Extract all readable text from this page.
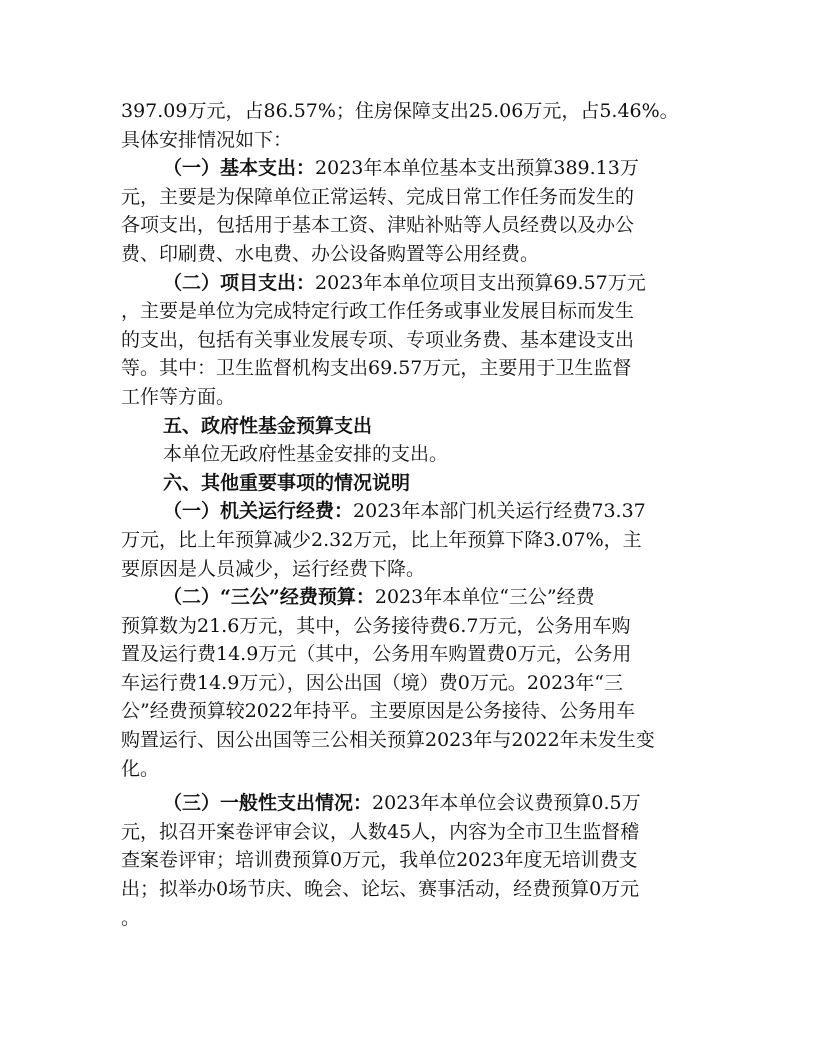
397.09万元，占86.57%；住房保障支出25.06万元，占5.46%。
具体安排情况如下：
（一）基本支出：2023年本单位基本支出预算389.13万
元，主要是为保障单位正常运转、完成日常工作任务而发生的
各项支出，包括用于基本工资、津贴补贴等人员经费以及办公
费、印刷费、水电费、办公设备购置等公用经费。
（二）项目支出：2023年本单位项目支出预算69.57万元
，主要是单位为完成特定行政工作任务或事业发展目标而发生
的支出，包括有关事业发展专项、专项业务费、基本建设支出
等。其中：卫生监督机构支出69.57万元，主要用于卫生监督
工作等方面。
五、政府性基金预算支出
本单位无政府性基金安排的支出。
六、其他重要事项的情况说明
（一）机关运行经费：2023年本部门机关运行经费73.37
万元，比上年预算减少2.32万元，比上年预算下降3.07%，主
要原因是人员减少，运行经费下降。
（二）“三公”经费预算：2023年本单位“三公”经费
预算数为21.6万元，其中，公务接待费6.7万元，公务用车购
置及运行费14.9万元（其中，公务用车购置费0万元，公务用
车运行费14.9万元），因公出国（境）费0万元。2023年“三
公”经费预算较2022年持平。主要原因是公务接待、公务用车
购置运行、因公出国等三公相关预算2023年与2022年未发生变
化。
（三）一般性支出情况：2023年本单位会议费预算0.5万
元，拟召开案卷评审会议，人数45人，内容为全市卫生监督稽
查案卷评审；培训费预算0万元，我单位2023年度无培训费支
出；拟举办0场节庆、晚会、论坛、赛事活动，经费预算0万元
。
